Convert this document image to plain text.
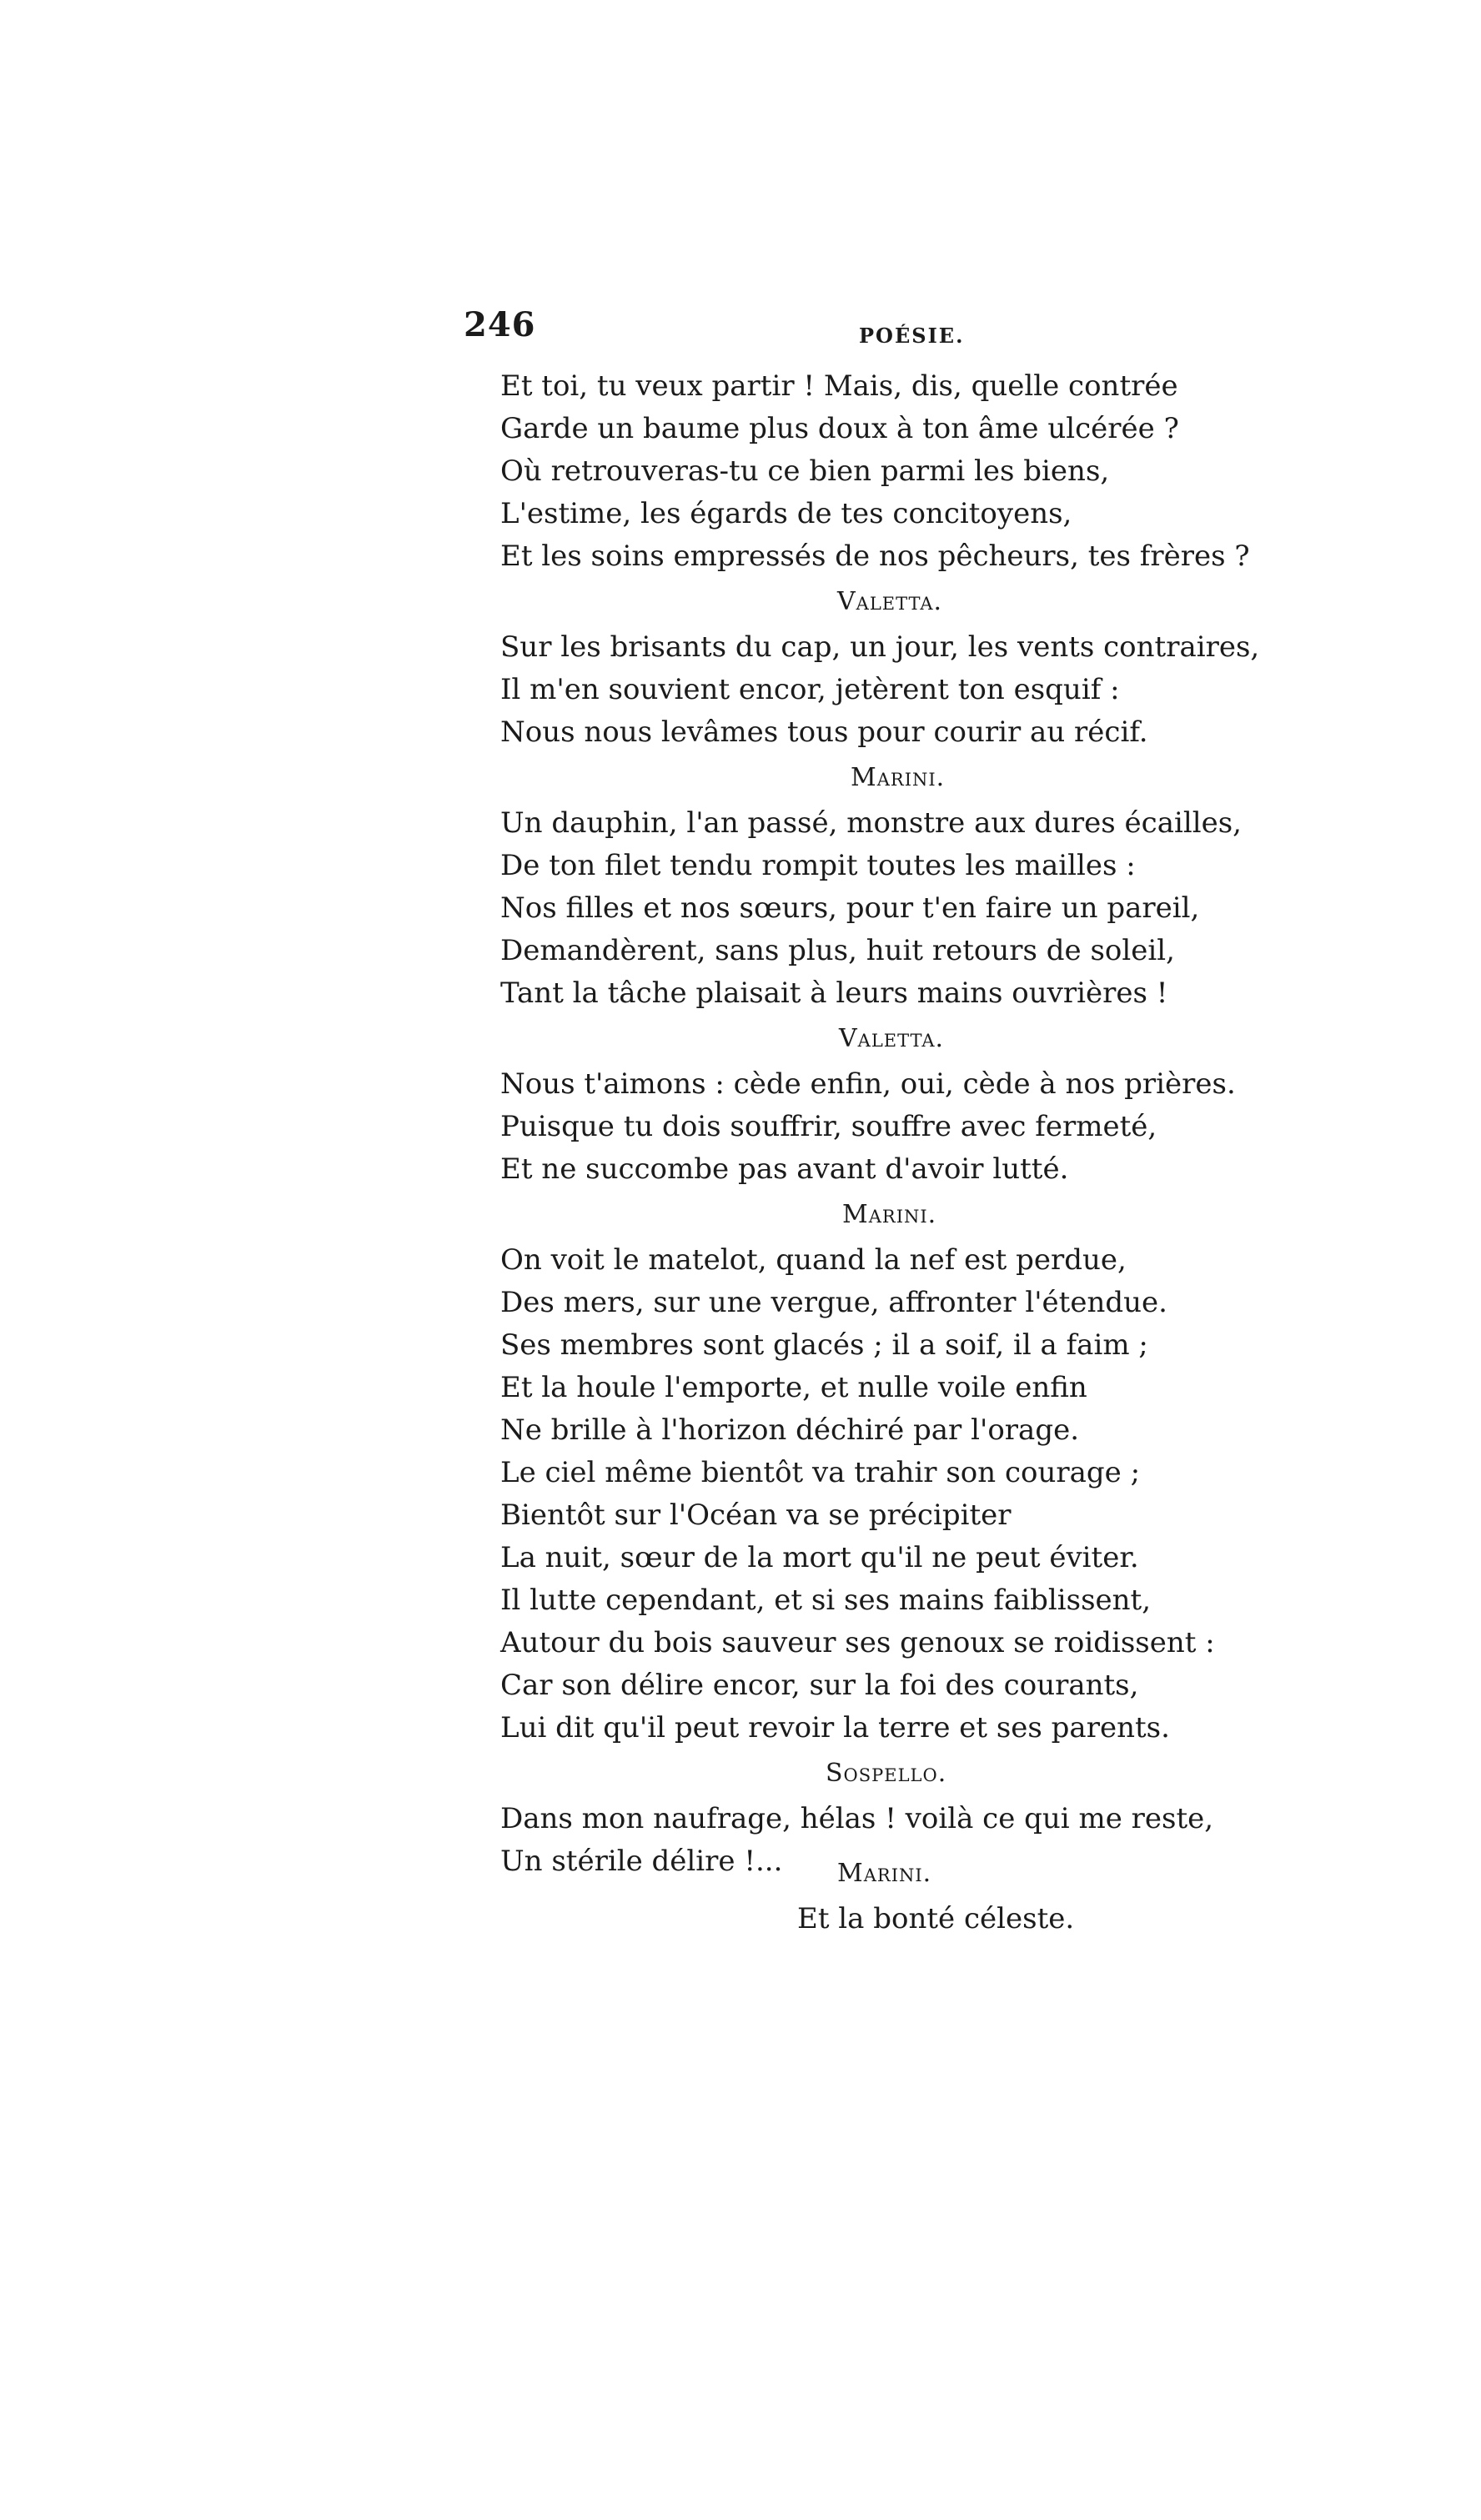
246	POÉSIE.
Et toi, tu veux partir ! Mais, dis, quelle contrée
Garde un baume plus doux à ton âme ulcérée ?
Où retrouveras-tu ce bien parmi les biens,
L'estime, les égards de tes concitoyens,
Et les soins empressés de nos pêcheurs, tes frères ?
Valetta.
Sur les brisants du cap, un jour, les vents contraires,
Il m'en souvient encor, jetèrent ton esquif :
Nous nous levâmes tous pour courir au récif.
Marini.
Un dauphin, l'an passé, monstre aux dures écailles,
De ton filet tendu rompit toutes les mailles :
Nos filles et nos sœurs, pour t'en faire un pareil,
Demandèrent, sans plus, huit retours de soleil,
Tant la tâche plaisait à leurs mains ouvrières !
Valetta.
Nous t'aimons : cède enfin, oui, cède à nos prières.
Puisque tu dois souffrir, souffre avec fermeté,
Et ne succombe pas avant d'avoir lutté.
Marini.
On voit le matelot, quand la nef est perdue,
Des mers, sur une vergue, affronter l'étendue.
Ses membres sont glacés ; il a soif, il a faim ;
Et la houle l'emporte, et nulle voile enfin
Ne brille à l'horizon déchiré par l'orage.
Le ciel même bientôt va trahir son courage ;
Bientôt sur l'Océan va se précipiter
La nuit, sœur de la mort qu'il ne peut éviter.
Il lutte cependant, et si ses mains faiblissent,
Autour du bois sauveur ses genoux se roidissent :
Car son délire encor, sur la foi des courants,
Lui dit qu'il peut revoir la terre et ses parents.
Sospello.
Dans mon naufrage, hélas ! voilà ce qui me reste,
Un stérile délire !...	Marini.
Et la bonté céleste.
